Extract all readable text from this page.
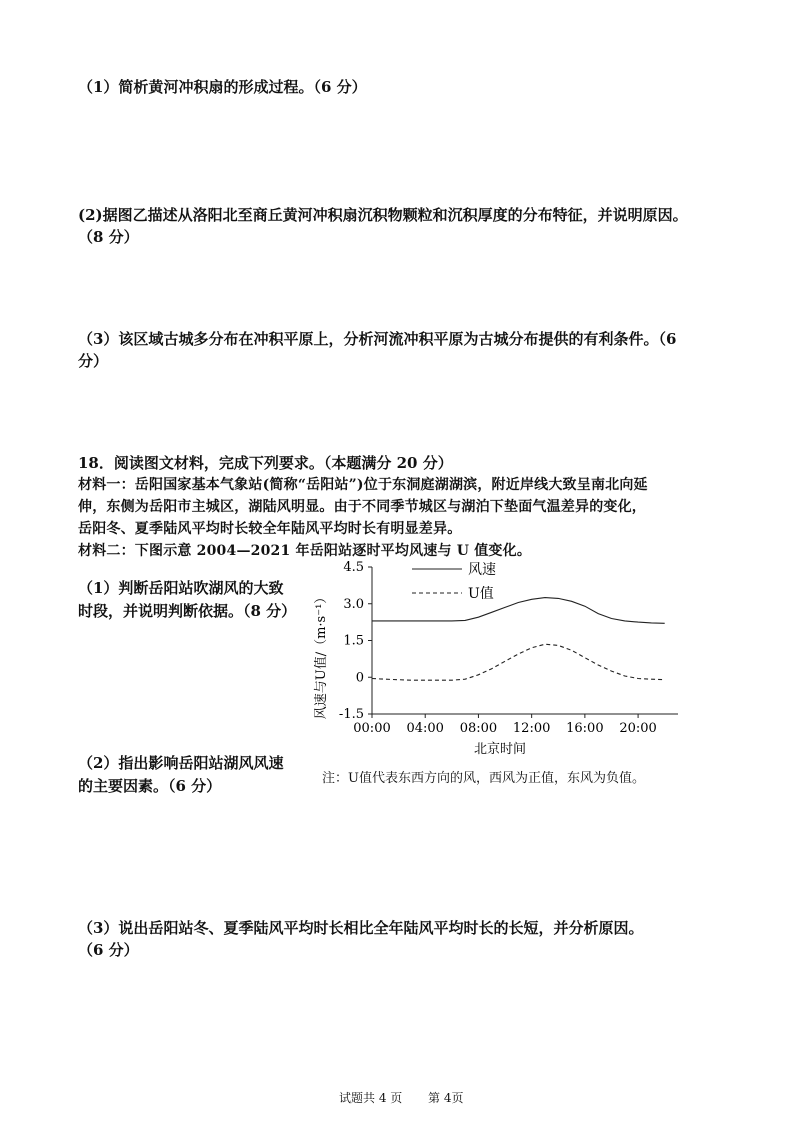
（1）简析黄河冲积扇的形成过程。（6 分）
(2)据图乙描述从洛阳北至商丘黄河冲积扇沉积物颗粒和沉积厚度的分布特征，并说明原因。
（8 分）
（3）该区域古城多分布在冲积平原上，分析河流冲积平原为古城分布提供的有利条件。（6
分）
18．阅读图文材料，完成下列要求。（本题满分 20 分）
材料一：岳阳国家基本气象站(简称“岳阳站”)位于东洞庭湖湖滨，附近岸线大致呈南北向延
伸，东侧为岳阳市主城区，湖陆风明显。由于不同季节城区与湖泊下垫面气温差异的变化，
岳阳冬、夏季陆风平均时长较全年陆风平均时长有明显差异。
材料二：下图示意 2004—2021 年岳阳站逐时平均风速与 U 值变化。
（1）判断岳阳站吹湖风的大致
时段，并说明判断依据。（8 分）
（2）指出影响岳阳站湖风风速
的主要因素。（6 分）
（3）说出岳阳站冬、夏季陆风平均时长相比全年陆风平均时长的长短，并分析原因。
（6 分）
4.5
3.0
1.5
0
-1.5
00:00 04:00 08:00 12:00 16:00 20:00
风速
U值
风速与U值/（m·s⁻¹）
北京时间
注：U值代表东西方向的风，西风为正值，东风为负值。
试题共 4 页 第 4页
